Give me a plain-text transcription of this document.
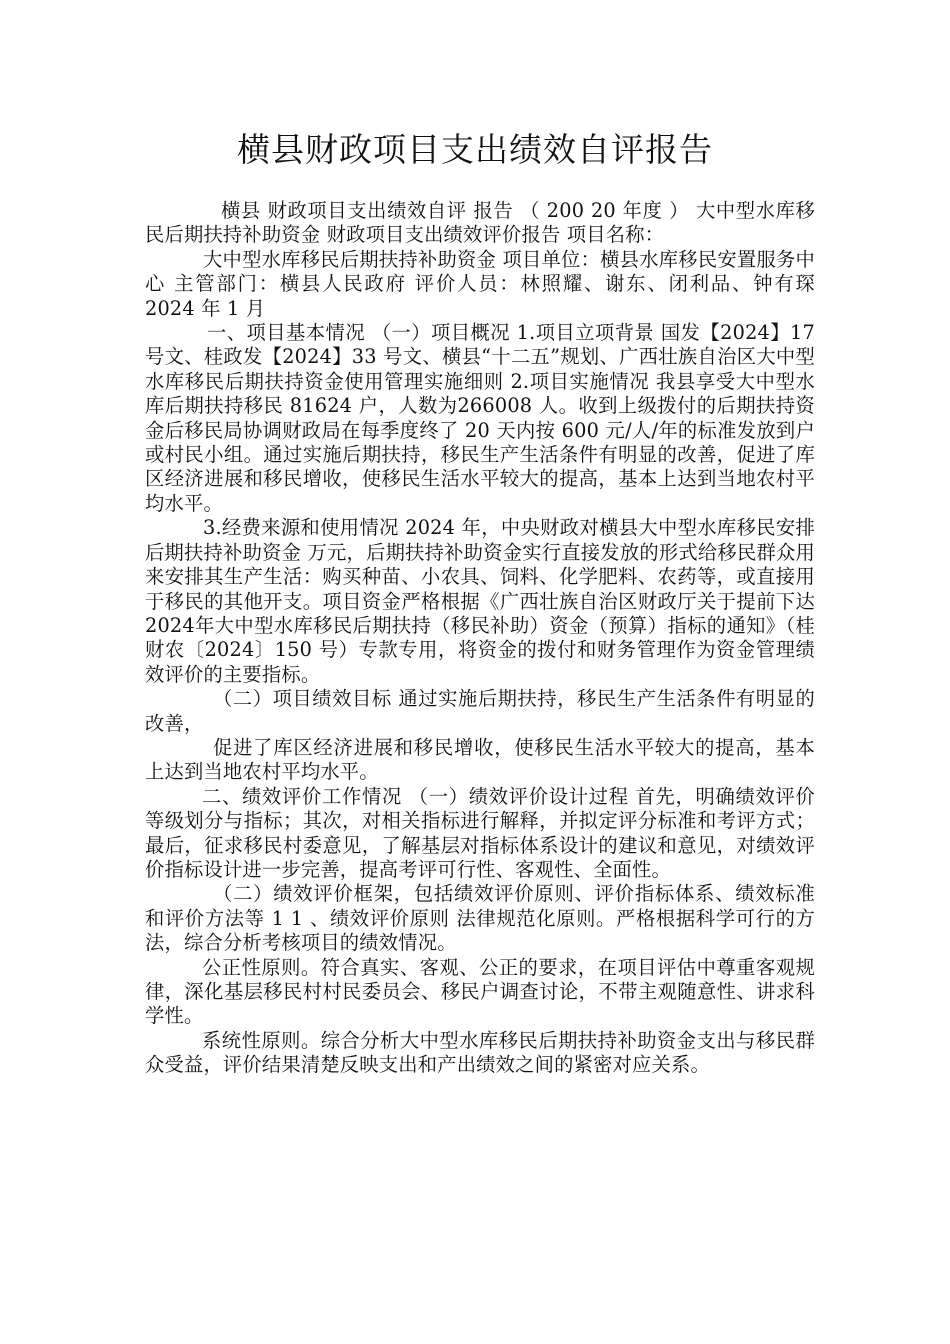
横县财政项目支出绩效自评报告

横县 财政项目支出绩效自评 报告 （ 200 20 年度 ） 大中型水库移民后期扶持补助资金 财政项目支出绩效评价报告 项目名称：

大中型水库移民后期扶持补助资金 项目单位：横县水库移民安置服务中心 主管部门：横县人民政府 评价人员：林照耀、谢东、闭利品、钟有琛 2024 年 1 月

一、项目基本情况 （一）项目概况 1.项目立项背景 国发【2024】17 号文、桂政发【2024】33 号文、横县“十二五”规划、广西壮族自治区大中型水库移民后期扶持资金使用管理实施细则 2.项目实施情况 我县享受大中型水库后期扶持移民 81624 户，人数为266008 人。收到上级拨付的后期扶持资金后移民局协调财政局在每季度终了 20 天内按 600 元/人/年的标准发放到户或村民小组。通过实施后期扶持，移民生产生活条件有明显的改善，促进了库区经济进展和移民增收，使移民生活水平较大的提高，基本上达到当地农村平均水平。

3.经费来源和使用情况 2024 年，中央财政对横县大中型水库移民安排后期扶持补助资金 万元，后期扶持补助资金实行直接发放的形式给移民群众用来安排其生产生活：购买种苗、小农具、饲料、化学肥料、农药等，或直接用于移民的其他开支。项目资金严格根据《广西壮族自治区财政厅关于提前下达 2024年大中型水库移民后期扶持（移民补助）资金（预算）指标的通知》（桂财农〔2024〕150 号）专款专用，将资金的拨付和财务管理作为资金管理绩效评价的主要指标。

（二）项目绩效目标 通过实施后期扶持，移民生产生活条件有明显的改善，

促进了库区经济进展和移民增收，使移民生活水平较大的提高，基本上达到当地农村平均水平。

二、绩效评价工作情况 （一）绩效评价设计过程 首先，明确绩效评价等级划分与指标；其次，对相关指标进行解释，并拟定评分标准和考评方式；最后，征求移民村委意见，了解基层对指标体系设计的建议和意见，对绩效评价指标设计进一步完善，提高考评可行性、客观性、全面性。

（二）绩效评价框架，包括绩效评价原则、评价指标体系、绩效标准和评价方法等 1 1 、绩效评价原则 法律规范化原则。严格根据科学可行的方法，综合分析考核项目的绩效情况。

公正性原则。符合真实、客观、公正的要求，在项目评估中尊重客观规律，深化基层移民村村民委员会、移民户调查讨论，不带主观随意性、讲求科学性。

系统性原则。综合分析大中型水库移民后期扶持补助资金支出与移民群众受益，评价结果清楚反映支出和产出绩效之间的紧密对应关系。
